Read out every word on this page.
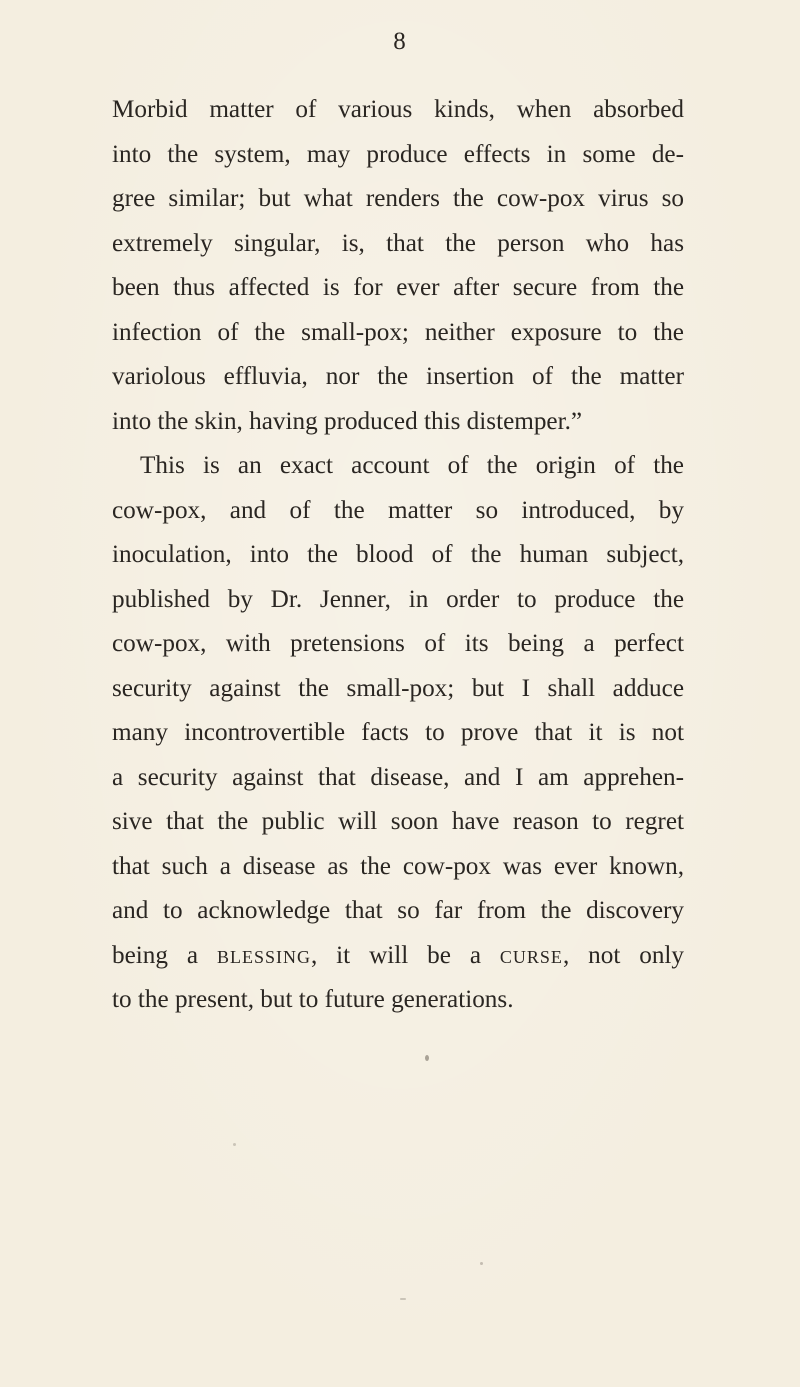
8
Morbid matter of various kinds, when absorbed
into the system, may produce effects in some de-
gree similar; but what renders the cow-pox virus so
extremely singular, is, that the person who has
been thus affected is for ever after secure from the
infection of the small-pox; neither exposure to the
variolous effluvia, nor the insertion of the matter
into the skin, having produced this distemper.”
This is an exact account of the origin of the
cow-pox, and of the matter so introduced, by
inoculation, into the blood of the human subject,
published by Dr. Jenner, in order to produce the
cow-pox, with pretensions of its being a perfect
security against the small-pox; but I shall adduce
many incontrovertible facts to prove that it is not
a security against that disease, and I am apprehen-
sive that the public will soon have reason to regret
that such a disease as the cow-pox was ever known,
and to acknowledge that so far from the discovery
being a blessing, it will be a curse, not only
to the present, but to future generations.
